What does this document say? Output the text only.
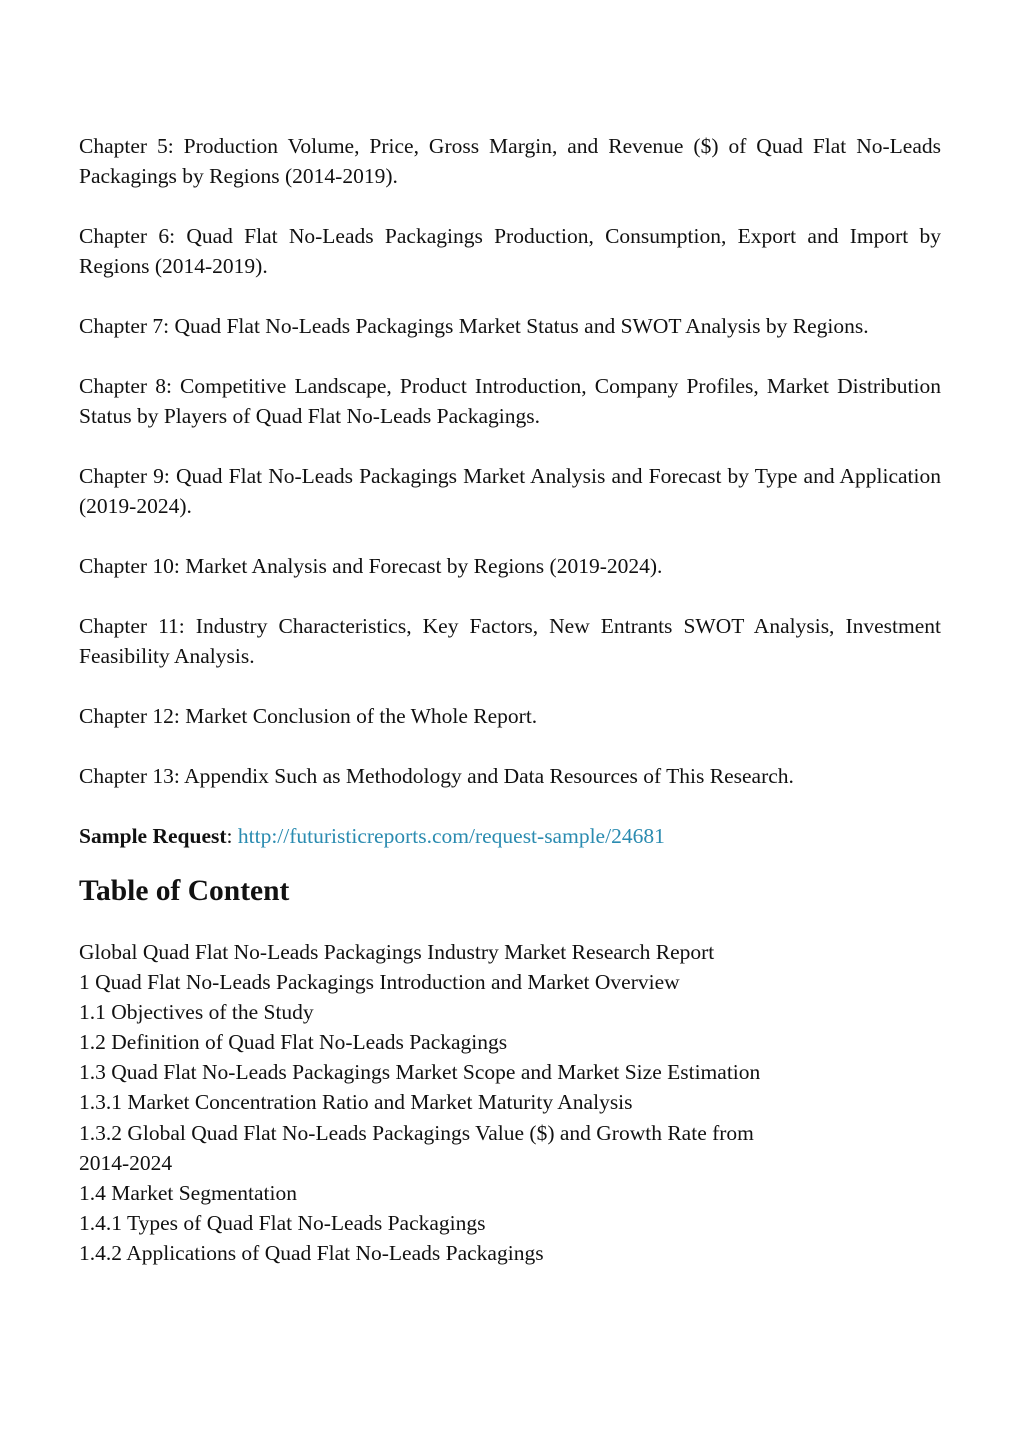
Chapter 5: Production Volume, Price, Gross Margin, and Revenue ($) of Quad Flat No-Leads Packagings by Regions (2014-2019).

Chapter 6: Quad Flat No-Leads Packagings Production, Consumption, Export and Import by Regions (2014-2019).

Chapter 7: Quad Flat No-Leads Packagings Market Status and SWOT Analysis by Regions.

Chapter 8: Competitive Landscape, Product Introduction, Company Profiles, Market Distribution Status by Players of Quad Flat No-Leads Packagings.

Chapter 9: Quad Flat No-Leads Packagings Market Analysis and Forecast by Type and Application (2019-2024).

Chapter 10: Market Analysis and Forecast by Regions (2019-2024).

Chapter 11: Industry Characteristics, Key Factors, New Entrants SWOT Analysis, Investment Feasibility Analysis.

Chapter 12: Market Conclusion of the Whole Report.

Chapter 13: Appendix Such as Methodology and Data Resources of This Research.

Sample Request: http://futuristicreports.com/request-sample/24681

Table of Content

Global Quad Flat No-Leads Packagings Industry Market Research Report

1 Quad Flat No-Leads Packagings Introduction and Market Overview

1.1 Objectives of the Study

1.2 Definition of Quad Flat No-Leads Packagings

1.3 Quad Flat No-Leads Packagings Market Scope and Market Size Estimation

1.3.1 Market Concentration Ratio and Market Maturity Analysis

1.3.2 Global Quad Flat No-Leads Packagings Value ($) and Growth Rate from

2014-2024

1.4 Market Segmentation

1.4.1 Types of Quad Flat No-Leads Packagings

1.4.2 Applications of Quad Flat No-Leads Packagings
